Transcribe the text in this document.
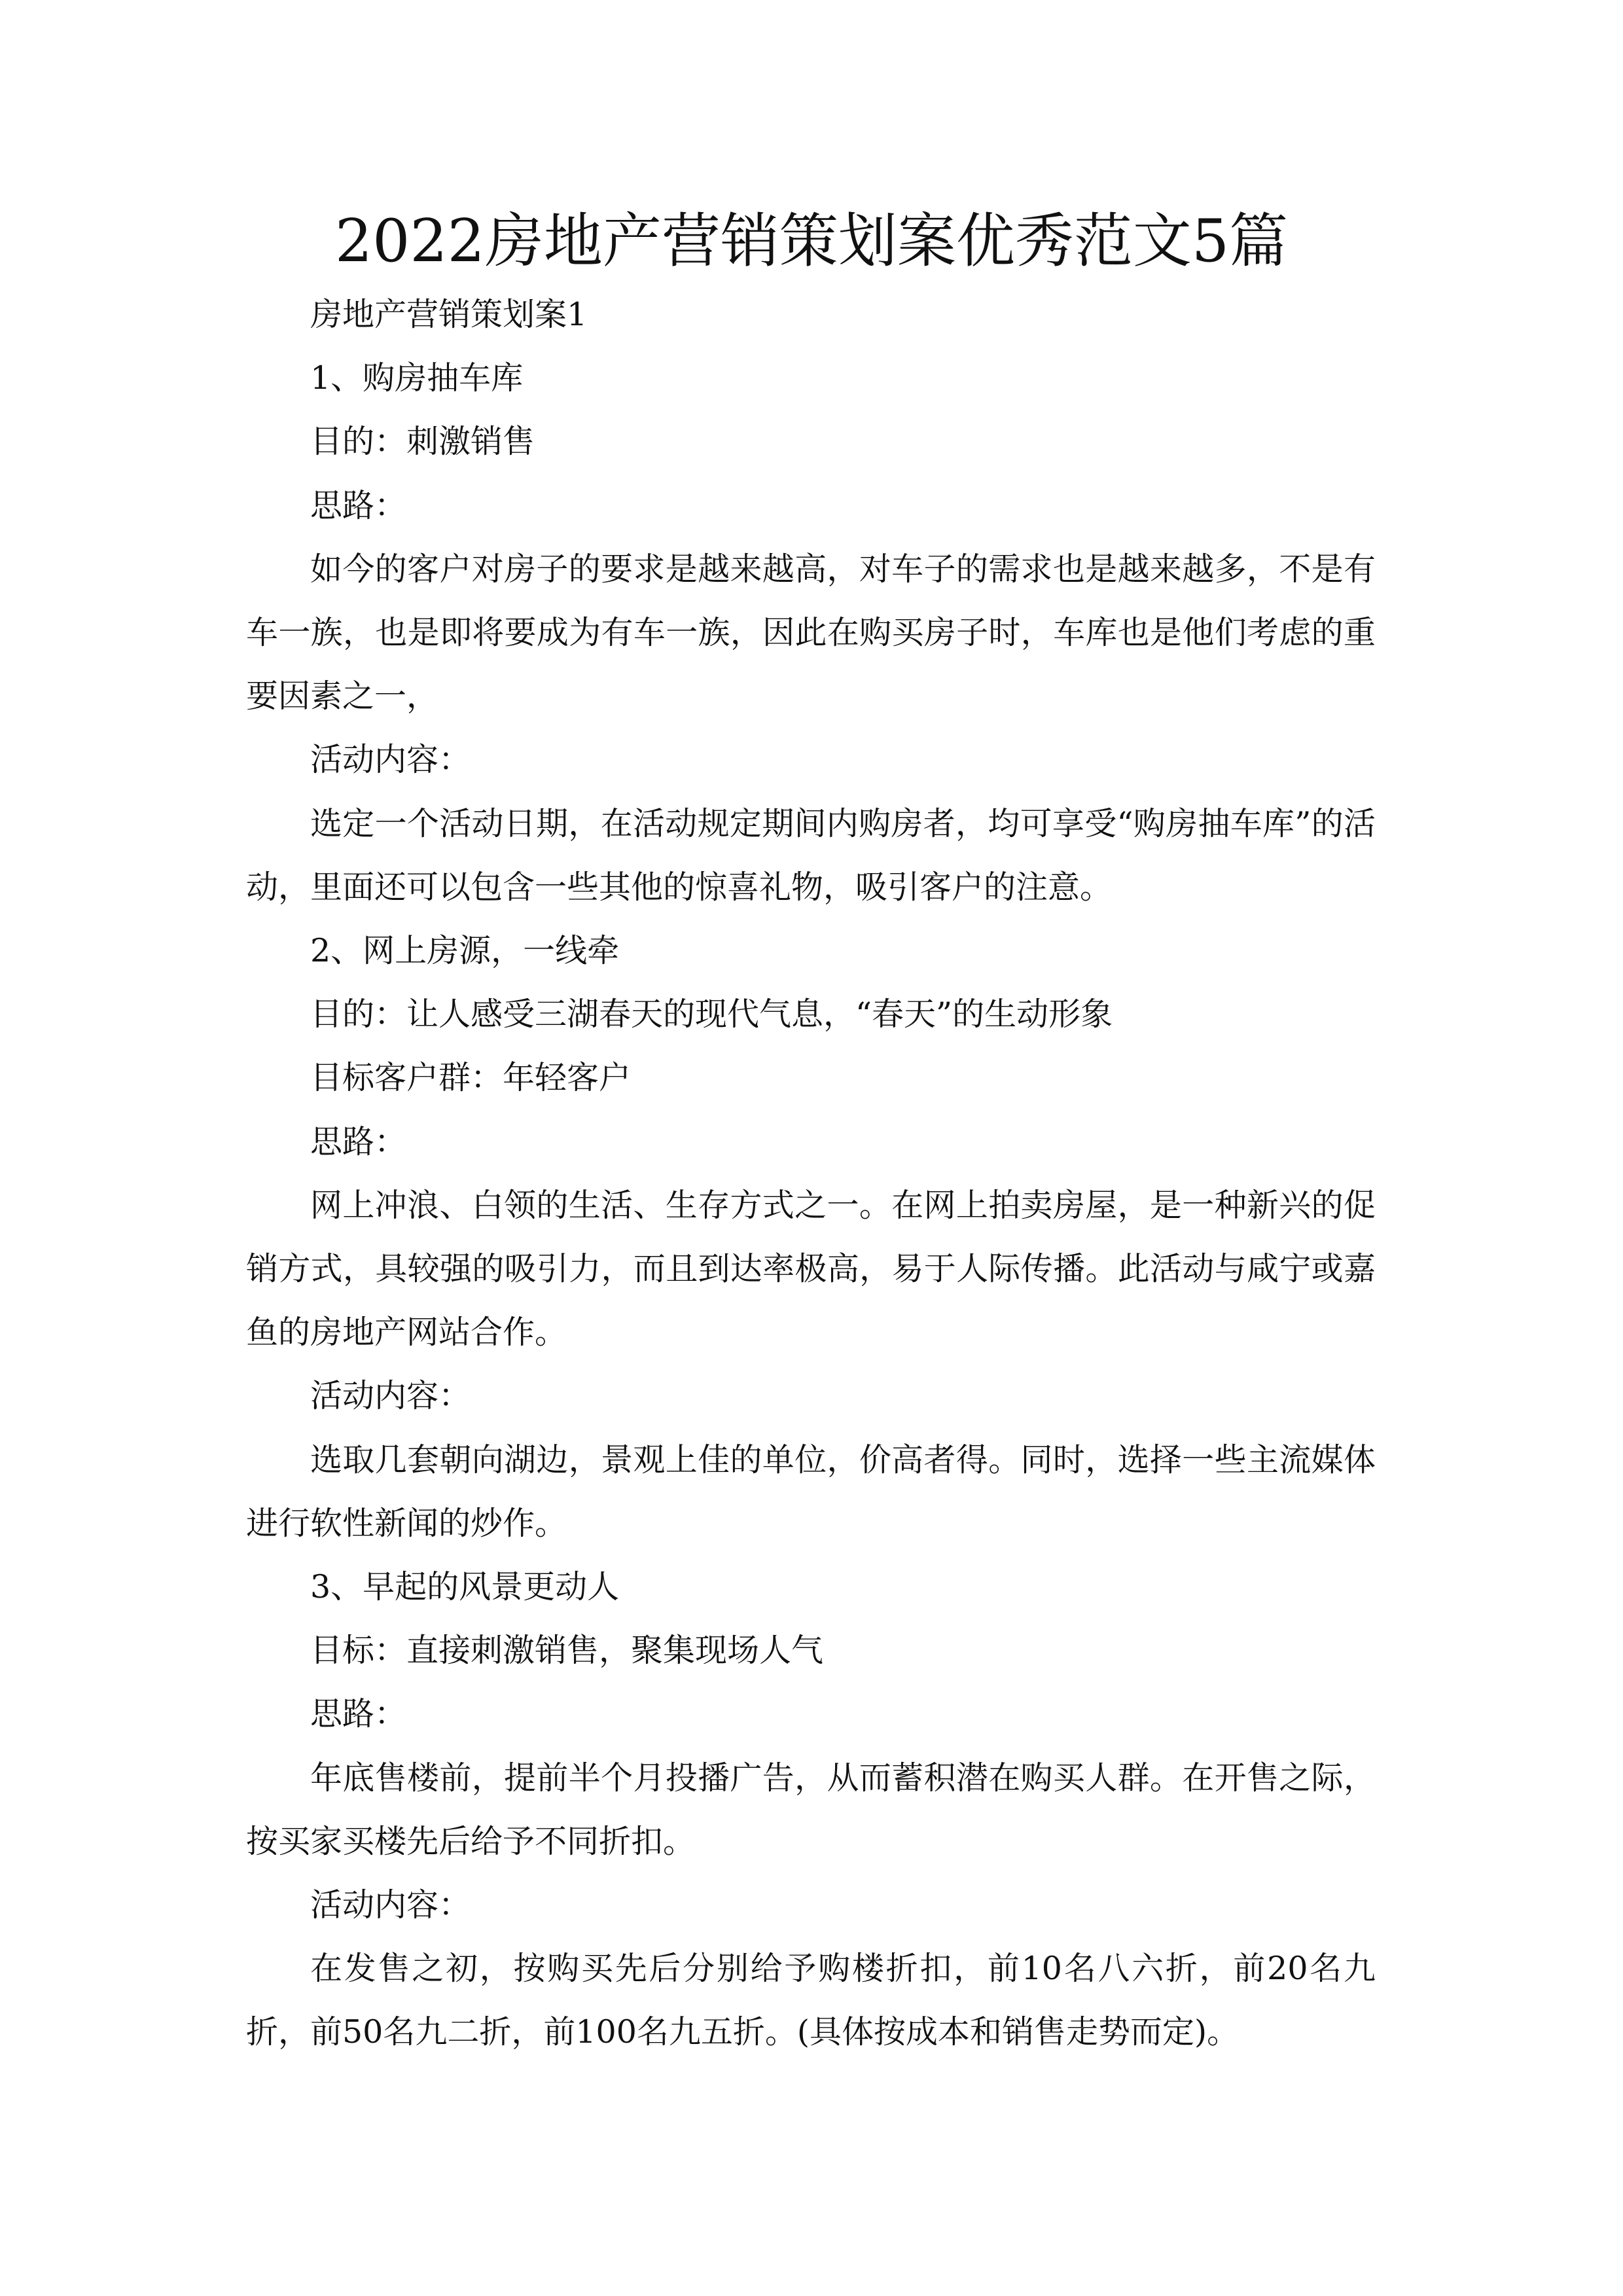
2022房地产营销策划案优秀范文5篇

房地产营销策划案1

1、购房抽车库

目的：刺激销售

思路：

如今的客户对房子的要求是越来越高，对车子的需求也是越来越多，不是有车一族，也是即将要成为有车一族，因此在购买房子时，车库也是他们考虑的重要因素之一，

活动内容：

选定一个活动日期，在活动规定期间内购房者，均可享受“购房抽车库”的活动，里面还可以包含一些其他的惊喜礼物，吸引客户的注意。

2、网上房源，一线牵

目的：让人感受三湖春天的现代气息，“春天”的生动形象

目标客户群：年轻客户

思路：

网上冲浪、白领的生活、生存方式之一。在网上拍卖房屋，是一种新兴的促销方式，具较强的吸引力，而且到达率极高，易于人际传播。此活动与咸宁或嘉鱼的房地产网站合作。

活动内容：

选取几套朝向湖边，景观上佳的单位，价高者得。同时，选择一些主流媒体进行软性新闻的炒作。

3、早起的风景更动人

目标：直接刺激销售，聚集现场人气

思路：

年底售楼前，提前半个月投播广告，从而蓄积潜在购买人群。在开售之际，按买家买楼先后给予不同折扣。

活动内容：

在发售之初，按购买先后分别给予购楼折扣，前10名八六折，前20名九折，前50名九二折，前100名九五折。(具体按成本和销售走势而定)。
